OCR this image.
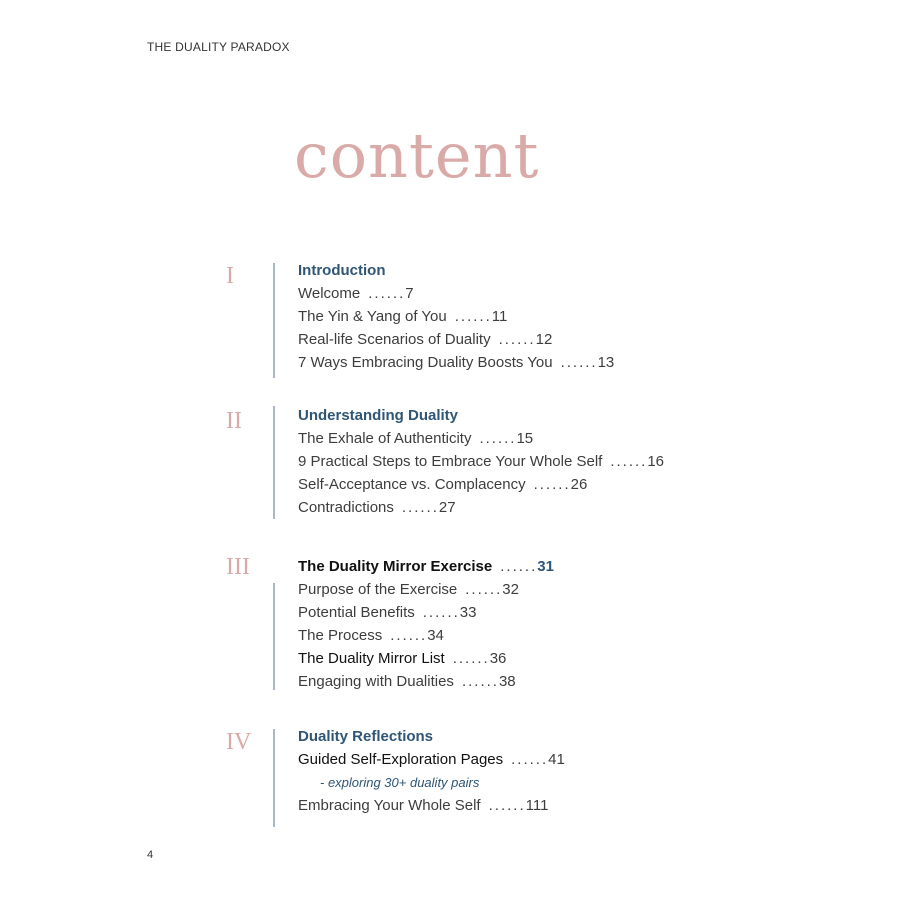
THE DUALITY PARADOX
content
I	Introduction
Welcome ......7
The Yin & Yang of You ......11
Real-life Scenarios of Duality ......12
7 Ways Embracing Duality Boosts You ......13
II	Understanding Duality
The Exhale of Authenticity ......15
9 Practical Steps to Embrace Your Whole Self ......16
Self-Acceptance vs. Complacency ......26
Contradictions ......27
III	The Duality Mirror Exercise ......31
Purpose of the Exercise ......32
Potential Benefits ......33
The Process ......34
The Duality Mirror List ......36
Engaging with Dualities ......38
IV	Duality Reflections
Guided Self-Exploration Pages ......41
- exploring 30+ duality pairs
Embracing Your Whole Self ......111
4
